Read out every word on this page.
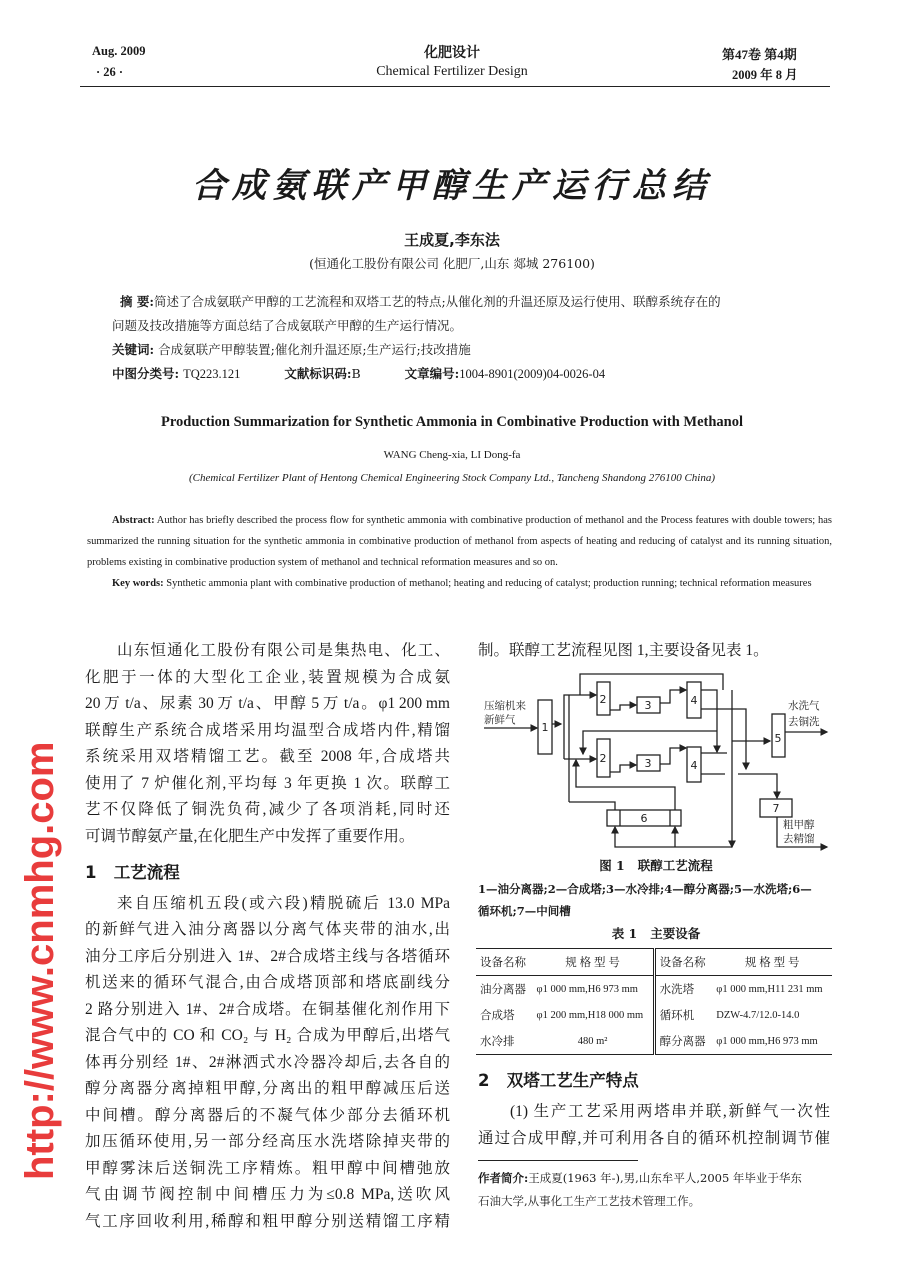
Aug. 2009
· 26 ·
化肥设计
Chemical Fertilizer Design
第47卷 第4期
2009 年 8 月
合成氨联产甲醇生产运行总结
王成夏,李东法
(恒通化工股份有限公司 化肥厂,山东 郯城 276100)
摘 要:简述了合成氨联产甲醇的工艺流程和双塔工艺的特点;从催化剂的升温还原及运行使用、联醇系统存在的
问题及技改措施等方面总结了合成氨联产甲醇的生产运行情况。
关键词: 合成氨联产甲醇装置;催化剂升温还原;生产运行;技改措施
中图分类号: TQ223.121	文献标识码:B	文章编号:1004-8901(2009)04-0026-04
Production Summarization for Synthetic Ammonia in Combinative Production with Methanol
WANG Cheng-xia, LI Dong-fa
(Chemical Fertilizer Plant of Hentong Chemical Engineering Stock Company Ltd., Tancheng Shandong 276100 China)

Abstract: Author has briefly described the process flow for synthetic ammonia with combinative production of methanol and the Process features with double towers; has summarized the running situation for the synthetic ammonia in combinative production of methanol from aspects of heating and reducing of catalyst and its running situation, problems existing in combinative production system of methanol and technical reformation measures and so on.

Key words: Synthetic ammonia plant with combinative production of methanol; heating and reducing of catalyst; production running; technical reformation measures

山东恒通化工股份有限公司是集热电、化工、
化肥于一体的大型化工企业,装置规模为合成氨
20 万 t/a、尿素 30 万 t/a、甲醇 5 万 t/a。φ1 200 mm
联醇生产系统合成塔采用均温型合成塔内件,精馏
系统采用双塔精馏工艺。截至 2008 年,合成塔共
使用了 7 炉催化剂,平均每 3 年更换 1 次。联醇工
艺不仅降低了铜洗负荷,减少了各项消耗,同时还
可调节醇氨产量,在化肥生产中发挥了重要作用。
1   工艺流程
来自压缩机五段(或六段)精脱硫后 13.0 MPa
的新鲜气进入油分离器以分离气体夹带的油水,出
油分工序后分别进入 1#、2#合成塔主线与各塔循环
机送来的循环气混合,由合成塔顶部和塔底副线分
2 路分别进入 1#、2#合成塔。在铜基催化剂作用下
混合气中的 CO 和 CO₂ 与 H₂ 合成为甲醇后,出塔气
体再分别经 1#、2#淋洒式水冷器冷却后,去各自的
醇分离器分离掉粗甲醇,分离出的粗甲醇减压后送
中间槽。醇分离器后的不凝气体少部分去循环机
加压循环使用,另一部分经高压水洗塔除掉夹带的
甲醇雾沫后送铜洗工序精炼。粗甲醇中间槽弛放
气由调节阀控制中间槽压力为≤0.8 MPa,送吹风
气工序回收利用,稀醇和粗甲醇分别送精馏工序精
制。联醇工艺流程见图 1,主要设备见表 1。
1
2	3	4
2	3	4
5
6
7
压缩机来
新鲜气
水洗气
去铜洗
粗甲醇
去精馏
图 1   联醇工艺流程
1—油分离器;2—合成塔;3—水冷排;4—醇分离器;5—水洗塔;6—
循环机;7—中间槽
表 1   主要设备
设备名称	规 格 型 号	设备名称	规 格 型 号
油分离器	φ1 000 mm,H6 973 mm	水洗塔	φ1 000 mm,H11 231 mm
合成塔	φ1 200 mm,H18 000 mm	循环机	DZW-4.7/12.0-14.0
水冷排	480 m²	醇分离器	φ1 000 mm,H6 973 mm
2   双塔工艺生产特点
(1) 生产工艺采用两塔串并联,新鲜气一次性
通过合成甲醇,并可利用各自的循环机控制调节催
作者简介:王成夏(1963 年-),男,山东牟平人,2005 年毕业于华东
石油大学,从事化工生产工艺技术管理工作。
http://www.cnmhg.com
